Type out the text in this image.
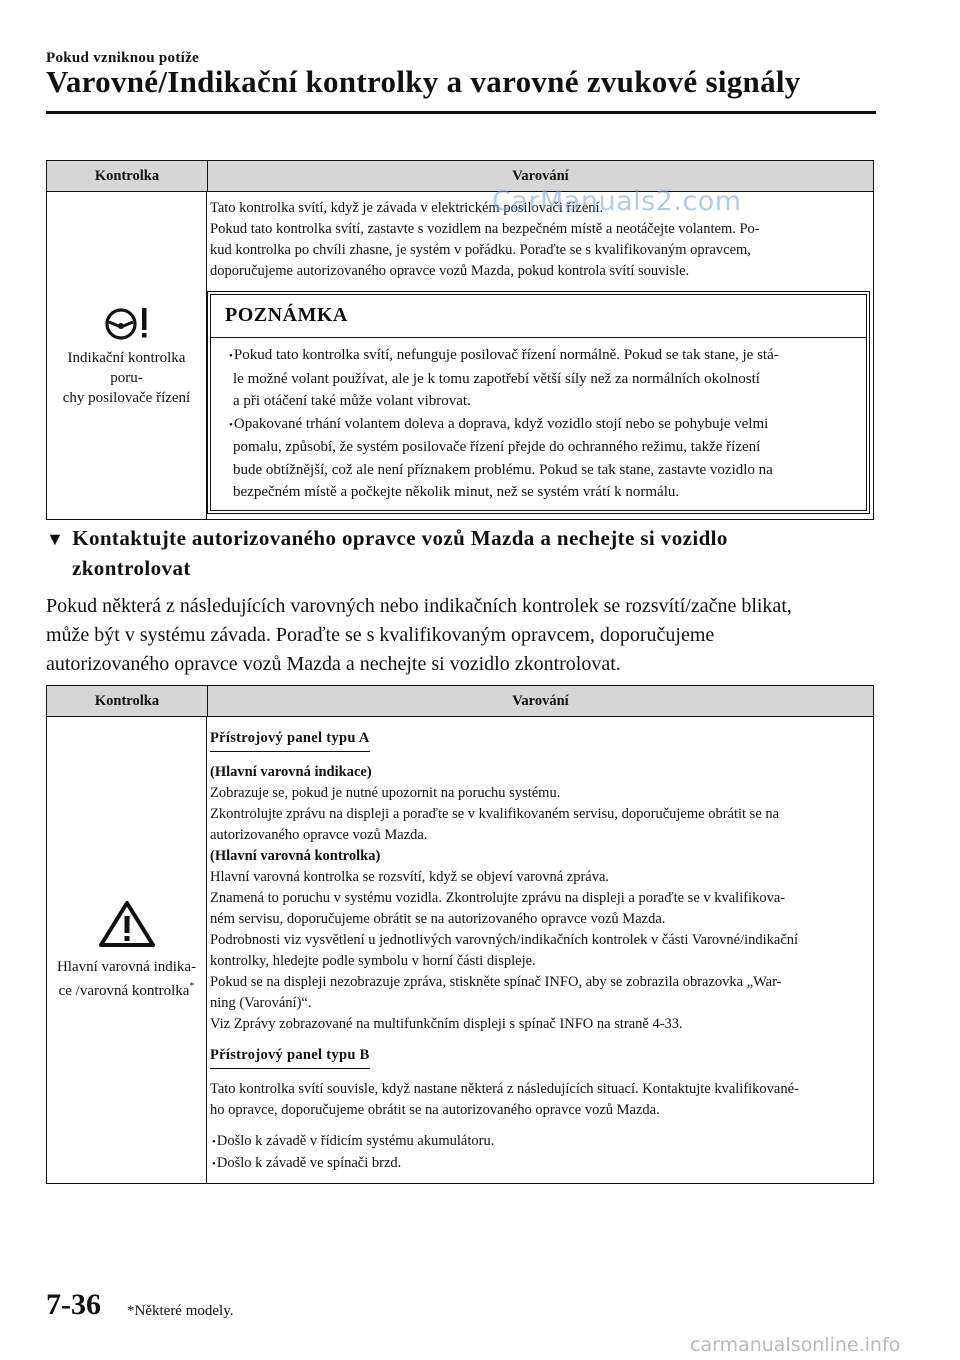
Pokud vzniknou potíže
Varovné/Indikační kontrolky a varovné zvukové signály
Kontrolka	Varování
Indikační kontrolka poru-
chy posilovače řízení
Tato kontrolka svítí, když je závada v elektrickém posilovači řízení.
Pokud tato kontrolka svítí, zastavte s vozidlem na bezpečném místě a neotáčejte volantem. Po-
kud kontrolka po chvíli zhasne, je systém v pořádku. Poraďte se s kvalifikovaným opravcem,
doporučujeme autorizovaného opravce vozů Mazda, pokud kontrola svítí souvisle.
POZNÁMKA
• Pokud tato kontrolka svítí, nefunguje posilovač řízení normálně. Pokud se tak stane, je stá-
le možné volant používat, ale je k tomu zapotřebí větší síly než za normálních okolností
a při otáčení také může volant vibrovat.
• Opakované trhání volantem doleva a doprava, když vozidlo stojí nebo se pohybuje velmi
pomalu, způsobí, že systém posilovače řízení přejde do ochranného režimu, takže řízení
bude obtížnější, což ale není příznakem problému. Pokud se tak stane, zastavte vozidlo na
bezpečném místě a počkejte několik minut, než se systém vrátí k normálu.
▼ Kontaktujte autorizovaného opravce vozů Mazda a nechejte si vozidlo
zkontrolovat
Pokud některá z následujících varovných nebo indikačních kontrolek se rozsvítí/začne blikat,
může být v systému závada. Poraďte se s kvalifikovaným opravcem, doporučujeme
autorizovaného opravce vozů Mazda a nechejte si vozidlo zkontrolovat.
Kontrolka	Varování
Hlavní varovná indika-
ce /varovná kontrolka*
Přístrojový panel typu A
(Hlavní varovná indikace)
Zobrazuje se, pokud je nutné upozornit na poruchu systému.
Zkontrolujte zprávu na displeji a poraďte se v kvalifikovaném servisu, doporučujeme obrátit se na
autorizovaného opravce vozů Mazda.
(Hlavní varovná kontrolka)
Hlavní varovná kontrolka se rozsvítí, když se objeví varovná zpráva.
Znamená to poruchu v systému vozidla. Zkontrolujte zprávu na displeji a poraďte se v kvalifikova-
ném servisu, doporučujeme obrátit se na autorizovaného opravce vozů Mazda.
Podrobnosti viz vysvětlení u jednotlivých varovných/indikačních kontrolek v části Varovné/indikační
kontrolky, hledejte podle symbolu v horní části displeje.
Pokud se na displeji nezobrazuje zpráva, stiskněte spínač INFO, aby se zobrazila obrazovka „War-
ning (Varování)“.
Viz Zprávy zobrazované na multifunkčním displeji s spínač INFO na straně 4-33.
Přístrojový panel typu B
Tato kontrolka svítí souvisle, když nastane některá z následujících situací. Kontaktujte kvalifikované-
ho opravce, doporučujeme obrátit se na autorizovaného opravce vozů Mazda.
• Došlo k závadě v řídicím systému akumulátoru.
• Došlo k závadě ve spínači brzd.
7-36 *Některé modely.
CarManuals2.com
carmanualsonline.info
